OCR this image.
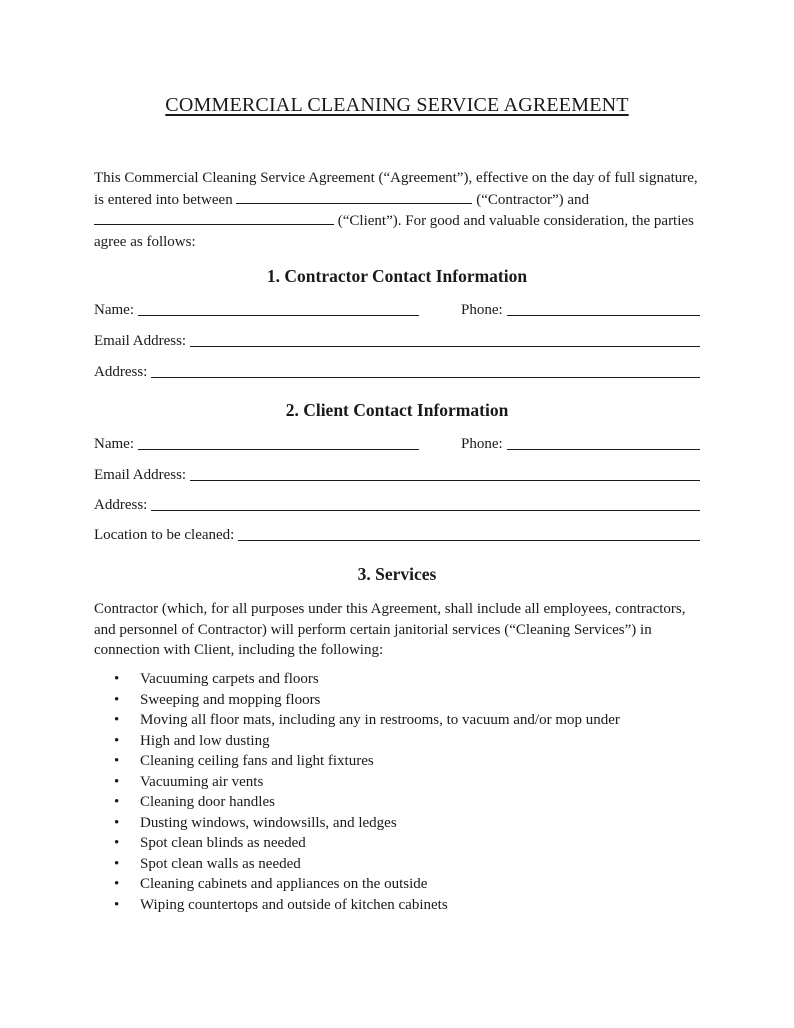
COMMERCIAL CLEANING SERVICE AGREEMENT
This Commercial Cleaning Service Agreement (“Agreement”), effective on the day of full signature, is entered into between	(“Contractor”) and  (“Client”). For good and valuable consideration, the parties agree as follows:
1. Contractor Contact Information
Name:	Phone:
Email Address:
Address:
2. Client Contact Information
Name:	Phone:
Email Address:
Address:
Location to be cleaned:
3. Services
Contractor (which, for all purposes under this Agreement, shall include all employees, contractors, and personnel of Contractor) will perform certain janitorial services (“Cleaning Services”) in connection with Client, including the following:
• Vacuuming carpets and floors
• Sweeping and mopping floors
• Moving all floor mats, including any in restrooms, to vacuum and/or mop under
• High and low dusting
• Cleaning ceiling fans and light fixtures
• Vacuuming air vents
• Cleaning door handles
• Dusting windows, windowsills, and ledges
• Spot clean blinds as needed
• Spot clean walls as needed
• Cleaning cabinets and appliances on the outside
• Wiping countertops and outside of kitchen cabinets
